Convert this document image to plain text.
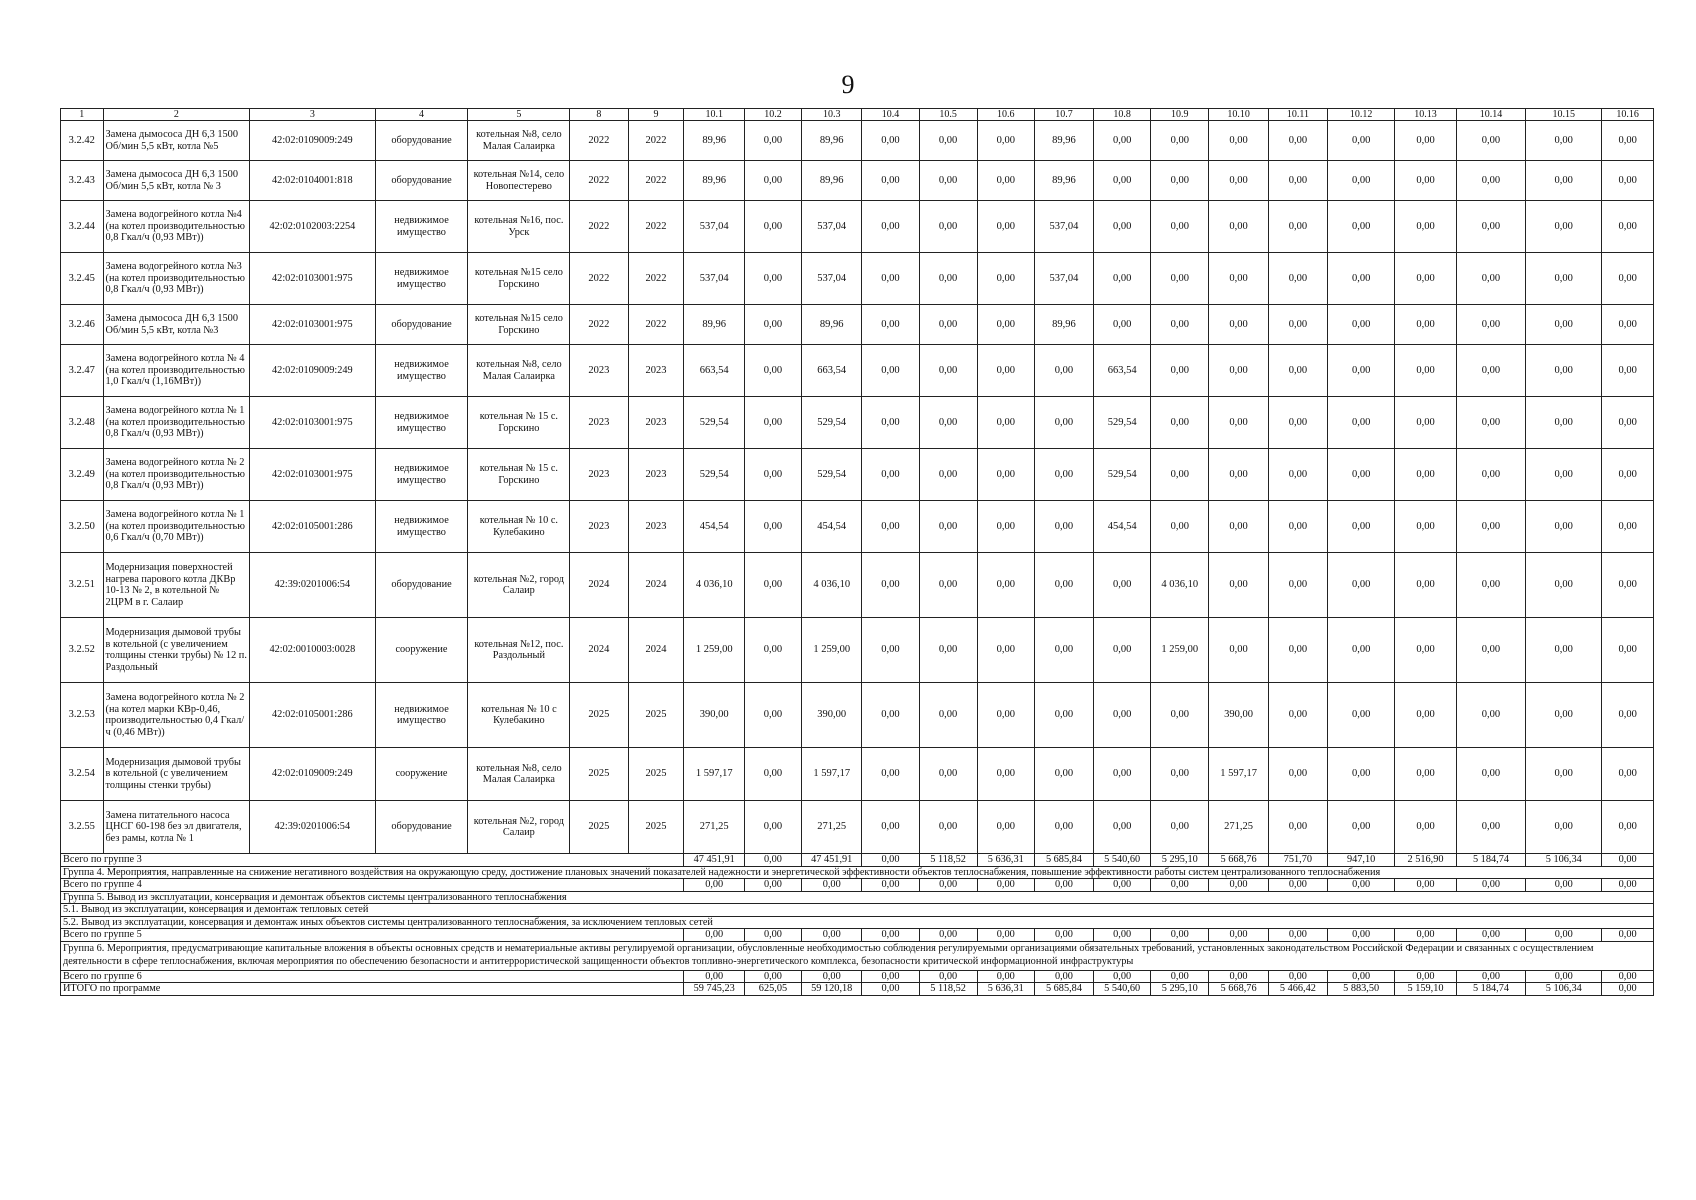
9
1	2	3	4	5	8	9	10.1	10.2	10.3	10.4	10.5	10.6	10.7	10.8	10.9	10.10	10.11	10.12	10.13	10.14	10.15	10.16
3.2.42	Замена дымососа ДН 6,3 1500 Об/мин 5,5 кВт, котла №5	42:02:0109009:249	оборудование	котельная №8, село Малая Салаирка	2022	2022	89,96	0,00	89,96	0,00	0,00	0,00	89,96	0,00	0,00	0,00	0,00	0,00	0,00	0,00	0,00	0,00
3.2.43	Замена дымососа ДН 6,3 1500 Об/мин 5,5 кВт, котла № 3	42:02:0104001:818	оборудование	котельная №14, село Новопестерево	2022	2022	89,96	0,00	89,96	0,00	0,00	0,00	89,96	0,00	0,00	0,00	0,00	0,00	0,00	0,00	0,00	0,00
3.2.44	Замена водогрейного котла №4 (на котел производительностью 0,8 Гкал/ч (0,93 МВт))	42:02:0102003:2254	недвижимое имущество	котельная №16, пос. Урск	2022	2022	537,04	0,00	537,04	0,00	0,00	0,00	537,04	0,00	0,00	0,00	0,00	0,00	0,00	0,00	0,00	0,00
3.2.45	Замена водогрейного котла №3 (на котел производительностью 0,8 Гкал/ч (0,93 МВт))	42:02:0103001:975	недвижимое имущество	котельная №15 село Горскино	2022	2022	537,04	0,00	537,04	0,00	0,00	0,00	537,04	0,00	0,00	0,00	0,00	0,00	0,00	0,00	0,00	0,00
3.2.46	Замена дымососа ДН 6,3 1500 Об/мин 5,5 кВт, котла №3	42:02:0103001:975	оборудование	котельная №15 село Горскино	2022	2022	89,96	0,00	89,96	0,00	0,00	0,00	89,96	0,00	0,00	0,00	0,00	0,00	0,00	0,00	0,00	0,00
3.2.47	Замена водогрейного котла № 4 (на котел производительностью 1,0 Гкал/ч (1,16МВт))	42:02:0109009:249	недвижимое имущество	котельная №8, село Малая Салаирка	2023	2023	663,54	0,00	663,54	0,00	0,00	0,00	0,00	663,54	0,00	0,00	0,00	0,00	0,00	0,00	0,00	0,00
3.2.48	Замена водогрейного котла № 1 (на котел производительностью 0,8 Гкал/ч (0,93 МВт))	42:02:0103001:975	недвижимое имущество	котельная № 15 с. Горскино	2023	2023	529,54	0,00	529,54	0,00	0,00	0,00	0,00	529,54	0,00	0,00	0,00	0,00	0,00	0,00	0,00	0,00
3.2.49	Замена водогрейного котла № 2 (на котел производительностью 0,8 Гкал/ч (0,93 МВт))	42:02:0103001:975	недвижимое имущество	котельная № 15 с. Горскино	2023	2023	529,54	0,00	529,54	0,00	0,00	0,00	0,00	529,54	0,00	0,00	0,00	0,00	0,00	0,00	0,00	0,00
3.2.50	Замена водогрейного котла № 1 (на котел производительностью 0,6 Гкал/ч (0,70 МВт))	42:02:0105001:286	недвижимое имущество	котельная № 10 с. Кулебакино	2023	2023	454,54	0,00	454,54	0,00	0,00	0,00	0,00	454,54	0,00	0,00	0,00	0,00	0,00	0,00	0,00	0,00
3.2.51	Модернизация поверхностей нагрева парового котла ДКВр 10-13 № 2, в котельной № 2ЦРМ в г. Салаир	42:39:0201006:54	оборудование	котельная №2, город Салаир	2024	2024	4 036,10	0,00	4 036,10	0,00	0,00	0,00	0,00	0,00	4 036,10	0,00	0,00	0,00	0,00	0,00	0,00	0,00
3.2.52	Модернизация дымовой трубы в котельной (с увеличением толщины стенки трубы) № 12 п. Раздольный	42:02:0010003:0028	сооружение	котельная №12, пос. Раздольный	2024	2024	1 259,00	0,00	1 259,00	0,00	0,00	0,00	0,00	0,00	1 259,00	0,00	0,00	0,00	0,00	0,00	0,00	0,00
3.2.53	Замена водогрейного котла № 2 (на котел марки КВр-0,46, производительностью 0,4 Гкал/ч (0,46 МВт))	42:02:0105001:286	недвижимое имущество	котельная № 10 с Кулебакино	2025	2025	390,00	0,00	390,00	0,00	0,00	0,00	0,00	0,00	0,00	390,00	0,00	0,00	0,00	0,00	0,00	0,00
3.2.54	Модернизация дымовой трубы в котельной (с увеличением толщины стенки трубы)	42:02:0109009:249	сооружение	котельная №8, село Малая Салаирка	2025	2025	1 597,17	0,00	1 597,17	0,00	0,00	0,00	0,00	0,00	0,00	1 597,17	0,00	0,00	0,00	0,00	0,00	0,00
3.2.55	Замена питательного насоса ЦНСГ 60-198 без эл двигателя, без рамы, котла № 1	42:39:0201006:54	оборудование	котельная №2, город Салаир	2025	2025	271,25	0,00	271,25	0,00	0,00	0,00	0,00	0,00	0,00	271,25	0,00	0,00	0,00	0,00	0,00	0,00
Всего по группе 3							47 451,91	0,00	47 451,91	0,00	5 118,52	5 636,31	5 685,84	5 540,60	5 295,10	5 668,76	751,70	947,10	2 516,90	5 184,74	5 106,34	0,00
Группа 4. Мероприятия, направленные на снижение негативного воздействия на окружающую среду, достижение плановых значений показателей надежности и энергетической эффективности объектов теплоснабжения, повышение эффективности работы систем централизованного теплоснабжения																						
Всего по группе 4							0,00	0,00	0,00	0,00	0,00	0,00	0,00	0,00	0,00	0,00	0,00	0,00	0,00	0,00	0,00	0,00
Группа 5. Вывод из эксплуатации, консервация и демонтаж объектов системы централизованного теплоснабжения																						
5.1. Вывод из эксплуатации, консервация и демонтаж тепловых сетей																						
5.2. Вывод из эксплуатации, консервация и демонтаж иных объектов системы централизованного теплоснабжения, за исключением тепловых сетей																						
Всего по группе 5							0,00	0,00	0,00	0,00	0,00	0,00	0,00	0,00	0,00	0,00	0,00	0,00	0,00	0,00	0,00	0,00
Группа 6. Мероприятия, предусматривающие капитальные вложения в объекты основных средств и нематериальные активы регулируемой организации, обусловленные необходимостью соблюдения регулируемыми организациями обязательных требований, установленных законодательством Российской Федерации и связанных с осуществлением деятельности в сфере теплоснабжения, включая мероприятия по обеспечению безопасности и антитеррористической защищенности объектов топливно-энергетического комплекса, безопасности критической информационной инфраструктуры																						
Всего по группе 6							0,00	0,00	0,00	0,00	0,00	0,00	0,00	0,00	0,00	0,00	0,00	0,00	0,00	0,00	0,00	0,00
ИТОГО по программе							59 745,23	625,05	59 120,18	0,00	5 118,52	5 636,31	5 685,84	5 540,60	5 295,10	5 668,76	5 466,42	5 883,50	5 159,10	5 184,74	5 106,34	0,00
